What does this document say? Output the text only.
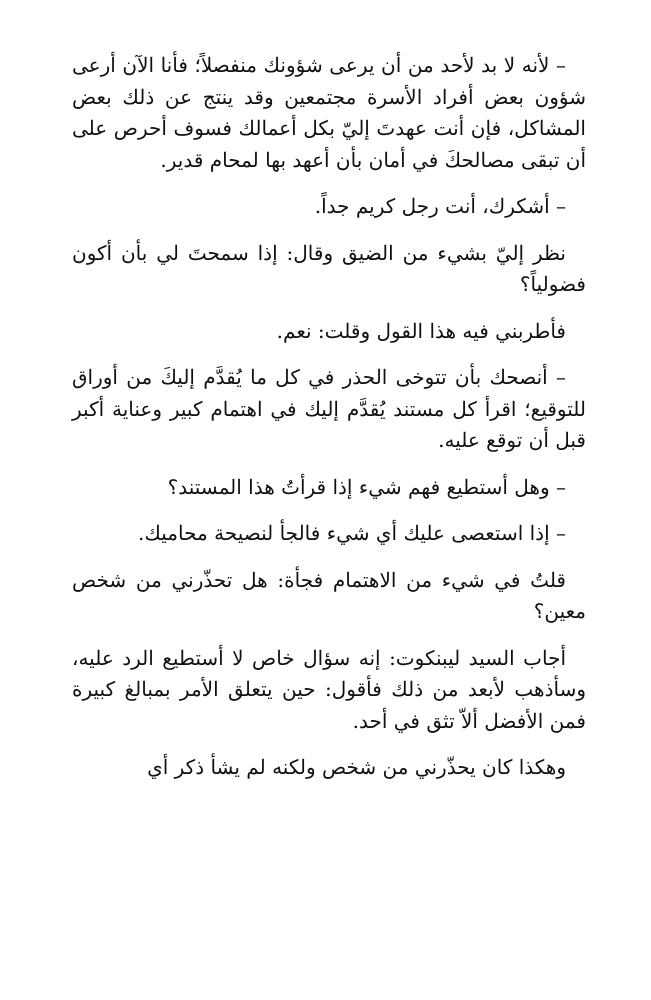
– لأنه لا بد لأحد من أن يرعى شؤونك منفصلاً؛ فأنا الآن أرعى شؤون بعض أفراد الأسرة مجتمعين وقد ينتج عن ذلك بعض المشاكل، فإن أنت عهدتَ إليّ بكل أعمالك فسوف أحرص على أن تبقى مصالحكَ في أمان بأن أعهد بها لمحام قدير.

– أشكرك، أنت رجل كريم جداً.

نظر إليّ بشيء من الضيق وقال: إذا سمحتَ لي بأن أكون فضولياً؟

فأطربني فيه هذا القول وقلت: نعم.

– أنصحك بأن تتوخى الحذر في كل ما يُقدَّم إليكَ من أوراق للتوقيع؛ اقرأ كل مستند يُقدَّم إليك في اهتمام كبير وعناية أكبر قبل أن توقع عليه.

– وهل أستطيع فهم شيء إذا قرأتُ هذا المستند؟

– إذا استعصى عليك أي شيء فالجأ لنصيحة محاميك.

قلتُ في شيء من الاهتمام فجأة: هل تحذّرني من شخص معين؟

أجاب السيد ليبنكوت: إنه سؤال خاص لا أستطيع الرد عليه، وسأذهب لأبعد من ذلك فأقول: حين يتعلق الأمر بمبالغ كبيرة فمن الأفضل ألاّ تثق في أحد.

وهكذا كان يحذّرني من شخص ولكنه لم يشأ ذكر أي
